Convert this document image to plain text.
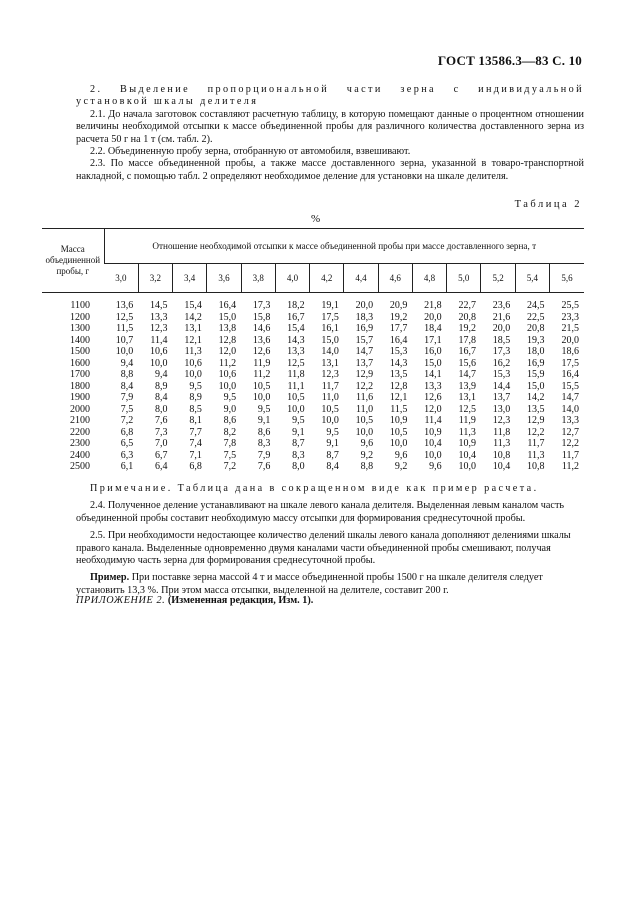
ГОСТ 13586.3—83 С. 10

2. Выделение пропорциональной части зерна с индивидуальной установкой шкалы делителя

2.1. До начала заготовок составляют расчетную таблицу, в которую помещают данные о процентном отношении величины необходимой отсыпки к массе объединенной пробы для различного количества доставленного зерна из расчета 50 г на 1 т (см. табл. 2).

2.2. Объединенную пробу зерна, отобранную от автомобиля, взвешивают.

2.3. По массе объединенной пробы, а также массе доставленного зерна, указанной в товаро-транспортной накладной, с помощью табл. 2 определяют необходимое деление для установки на шкале делителя.

Таблица 2
%
Масса объединенной пробы, г	Отношение необходимой отсыпки к массе объединенной пробы при массе доставленного зерна, т													
	3,0	3,2	3,4	3,6	3,8	4,0	4,2	4,4	4,6	4,8	5,0	5,2	5,4	5,6
1100	13,6	14,5	15,4	16,4	17,3	18,2	19,1	20,0	20,9	21,8	22,7	23,6	24,5	25,5
1200	12,5	13,3	14,2	15,0	15,8	16,7	17,5	18,3	19,2	20,0	20,8	21,6	22,5	23,3
1300	11,5	12,3	13,1	13,8	14,6	15,4	16,1	16,9	17,7	18,4	19,2	20,0	20,8	21,5
1400	10,7	11,4	12,1	12,8	13,6	14,3	15,0	15,7	16,4	17,1	17,8	18,5	19,3	20,0
1500	10,0	10,6	11,3	12,0	12,6	13,3	14,0	14,7	15,3	16,0	16,7	17,3	18,0	18,6
1600	9,4	10,0	10,6	11,2	11,9	12,5	13,1	13,7	14,3	15,0	15,6	16,2	16,9	17,5
1700	8,8	9,4	10,0	10,6	11,2	11,8	12,3	12,9	13,5	14,1	14,7	15,3	15,9	16,4
1800	8,4	8,9	9,5	10,0	10,5	11,1	11,7	12,2	12,8	13,3	13,9	14,4	15,0	15,5
1900	7,9	8,4	8,9	9,5	10,0	10,5	11,0	11,6	12,1	12,6	13,1	13,7	14,2	14,7
2000	7,5	8,0	8,5	9,0	9,5	10,0	10,5	11,0	11,5	12,0	12,5	13,0	13,5	14,0
2100	7,2	7,6	8,1	8,6	9,1	9,5	10,0	10,5	10,9	11,4	11,9	12,3	12,9	13,3
2200	6,8	7,3	7,7	8,2	8,6	9,1	9,5	10,0	10,5	10,9	11,3	11,8	12,2	12,7
2300	6,5	7,0	7,4	7,8	8,3	8,7	9,1	9,6	10,0	10,4	10,9	11,3	11,7	12,2
2400	6,3	6,7	7,1	7,5	7,9	8,3	8,7	9,2	9,6	10,0	10,4	10,8	11,3	11,7
2500	6,1	6,4	6,8	7,2	7,6	8,0	8,4	8,8	9,2	9,6	10,0	10,4	10,8	11,2

Примечание. Таблица дана в сокращенном виде как пример расчета.

2.4. Полученное деление устанавливают на шкале левого канала делителя. Выделенная левым каналом часть объединенной пробы составит необходимую массу отсыпки для формирования среднесуточной пробы.

2.5. При необходимости недостающее количество делений шкалы левого канала дополняют делениями шкалы правого канала. Выделенные одновременно двумя каналами части объединенной пробы смешивают, получая необходимую часть зерна для формирования среднесуточной пробы.

Пример. При поставке зерна массой 4 т и массе объединенной пробы 1500 г на шкале делителя следует установить 13,3 %. При этом масса отсыпки, выделенной на делителе, составит 200 г.

ПРИЛОЖЕНИЕ 2. (Измененная редакция, Изм. 1).
